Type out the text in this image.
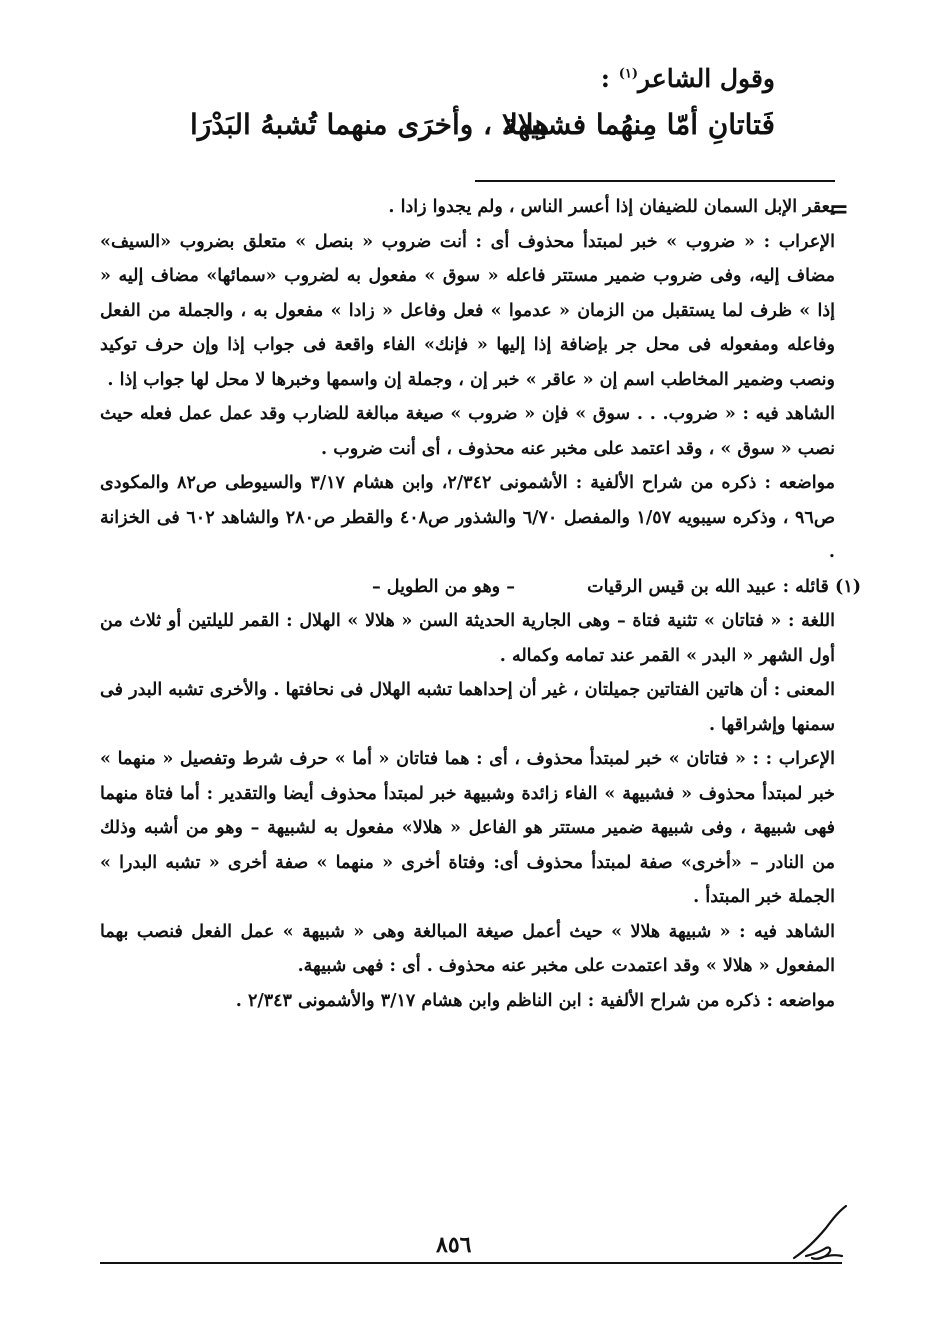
وقول الشاعر$^{(١)}$ :
فَتاتانِ أمّا مِنهُما فشبيهة
هِلالا ، وأخرَى منهما تُشبهُ البَدْرَا
=

يعقر الإبل السمان للضيفان إذا أعسر الناس ، ولم يجدوا زادا .

الإعراب : « ضروب » خبر لمبتدأ محذوف أى : أنت ضروب « بنصل » متعلق بضروب «السيف» مضاف إليه، وفى ضروب ضمير مستتر فاعله « سوق » مفعول به لضروب «سمائها» مضاف إليه « إذا » ظرف لما يستقبل من الزمان « عدموا » فعل وفاعل « زادا » مفعول به ، والجملة من الفعل وفاعله ومفعوله فى محل جر بإضافة إذا إليها « فإنك» الفاء واقعة فى جواب إذا وإن حرف توكيد ونصب وضمير المخاطب اسم إن « عاقر » خبر إن ، وجملة إن واسمها وخبرها لا محل لها جواب إذا .

الشاهد فيه : « ضروب. . . سوق » فإن « ضروب » صيغة مبالغة للضارب وقد عمل عمل فعله حيث نصب « سوق » ، وقد اعتمد على مخبر عنه محذوف ، أى أنت ضروب .

مواضعه : ذكره من شراح الألفية : الأشمونى ٢/٣٤٢، وابن هشام ٣/١٧ والسيوطى ص٨٢ والمكودى ص٩٦ ، وذكره سيبويه ١/٥٧ والمفصل ٦/٧٠ والشذور ص٤٠٨ والقطر ص٢٨٠ والشاهد ٦٠٢ فى الخزانة .

(١) قائله : عبيد الله بن قيس الرقيات  – وهو من الطويل –

اللغة : « فتاتان » تثنية فتاة – وهى الجارية الحديثة السن « هلالا » الهلال : القمر لليلتين أو ثلاث من أول الشهر « البدر » القمر عند تمامه وكماله .

المعنى : أن هاتين الفتاتين جميلتان ، غير أن إحداهما تشبه الهلال فى نحافتها . والأخرى تشبه البدر فى سمنها وإشراقها .

الإعراب : : « فتاتان » خبر لمبتدأ محذوف ، أى : هما فتاتان « أما » حرف شرط وتفصيل « منهما » خبر لمبتدأ محذوف « فشبيهة » الفاء زائدة وشبيهة خبر لمبتدأ محذوف أيضا والتقدير : أما فتاة منهما فهى شبيهة ، وفى شبيهة ضمير مستتر هو الفاعل « هلالا» مفعول به لشبيهة – وهو من أشبه وذلك من النادر – «أخرى» صفة لمبتدأ محذوف أى: وفتاة أخرى « منهما » صفة أخرى « تشبه البدرا » الجملة خبر المبتدأ .

الشاهد فيه : « شبيهة هلالا » حيث أعمل صيغة المبالغة وهى « شبيهة » عمل الفعل فنصب بهما المفعول « هلالا » وقد اعتمدت على مخبر عنه محذوف . أى : فهى شبيهة.

مواضعه : ذكره من شراح الألفية : ابن الناظم وابن هشام ٣/١٧ والأشمونى ٢/٣٤٣ .

٨٥٦
